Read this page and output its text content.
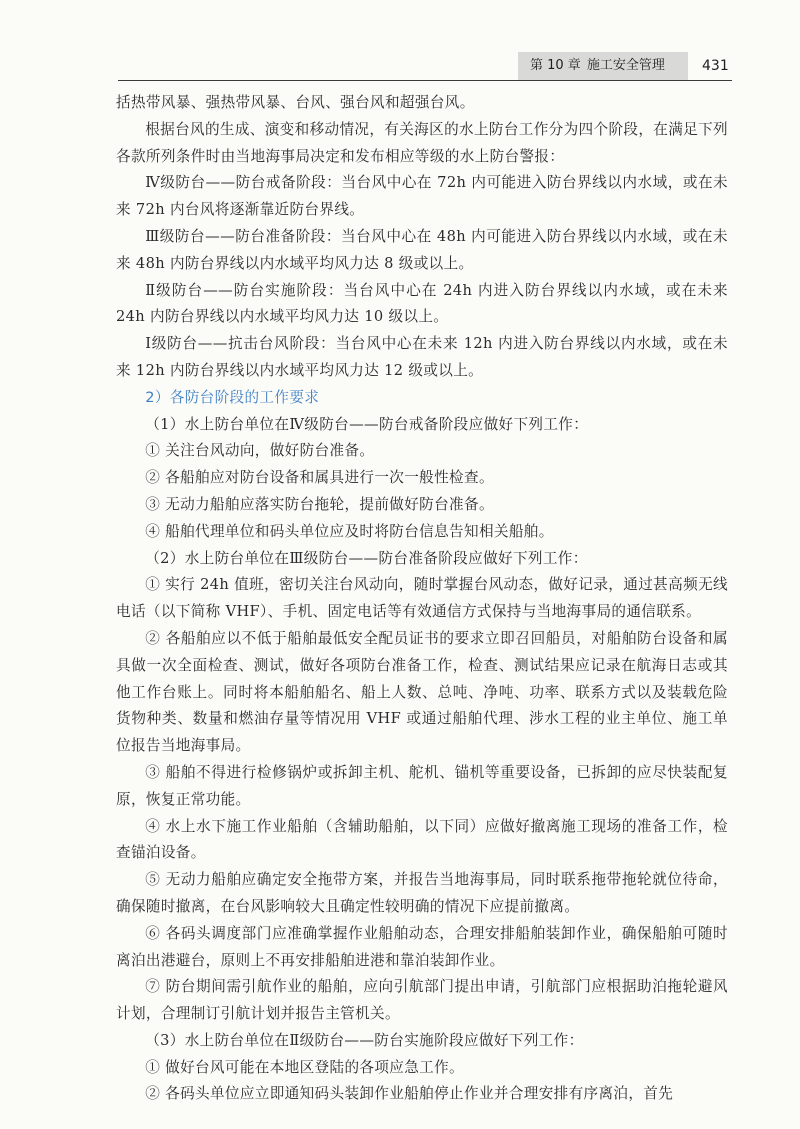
第 10 章 施工安全管理	431

括热带风暴、强热带风暴、台风、强台风和超强台风。

根据台风的生成、演变和移动情况，有关海区的水上防台工作分为四个阶段，在满足下列各款所列条件时由当地海事局决定和发布相应等级的水上防台警报：

Ⅳ级防台——防台戒备阶段：当台风中心在 72h 内可能进入防台界线以内水域，或在未来 72h 内台风将逐渐靠近防台界线。

Ⅲ级防台——防台准备阶段：当台风中心在 48h 内可能进入防台界线以内水域，或在未来 48h 内防台界线以内水域平均风力达 8 级或以上。

Ⅱ级防台——防台实施阶段：当台风中心在 24h 内进入防台界线以内水域，或在未来 24h 内防台界线以内水域平均风力达 10 级以上。

Ⅰ级防台——抗击台风阶段：当台风中心在未来 12h 内进入防台界线以内水域，或在未来 12h 内防台界线以内水域平均风力达 12 级或以上。

2）各防台阶段的工作要求

（1）水上防台单位在Ⅳ级防台——防台戒备阶段应做好下列工作：

① 关注台风动向，做好防台准备。

② 各船舶应对防台设备和属具进行一次一般性检查。

③ 无动力船舶应落实防台拖轮，提前做好防台准备。

④ 船舶代理单位和码头单位应及时将防台信息告知相关船舶。

（2）水上防台单位在Ⅲ级防台——防台准备阶段应做好下列工作：

① 实行 24h 值班，密切关注台风动向，随时掌握台风动态，做好记录，通过甚高频无线电话（以下简称 VHF）、手机、固定电话等有效通信方式保持与当地海事局的通信联系。

② 各船舶应以不低于船舶最低安全配员证书的要求立即召回船员，对船舶防台设备和属具做一次全面检查、测试，做好各项防台准备工作，检查、测试结果应记录在航海日志或其他工作台账上。同时将本船舶船名、船上人数、总吨、净吨、功率、联系方式以及装载危险货物种类、数量和燃油存量等情况用 VHF 或通过船舶代理、涉水工程的业主单位、施工单位报告当地海事局。

③ 船舶不得进行检修锅炉或拆卸主机、舵机、锚机等重要设备，已拆卸的应尽快装配复原，恢复正常功能。

④ 水上水下施工作业船舶（含辅助船舶，以下同）应做好撤离施工现场的准备工作，检查锚泊设备。

⑤ 无动力船舶应确定安全拖带方案，并报告当地海事局，同时联系拖带拖轮就位待命，确保随时撤离，在台风影响较大且确定性较明确的情况下应提前撤离。

⑥ 各码头调度部门应准确掌握作业船舶动态，合理安排船舶装卸作业，确保船舶可随时离泊出港避台，原则上不再安排船舶进港和靠泊装卸作业。

⑦ 防台期间需引航作业的船舶，应向引航部门提出申请，引航部门应根据助泊拖轮避风计划，合理制订引航计划并报告主管机关。

（3）水上防台单位在Ⅱ级防台——防台实施阶段应做好下列工作：

① 做好台风可能在本地区登陆的各项应急工作。

② 各码头单位应立即通知码头装卸作业船舶停止作业并合理安排有序离泊，首先
